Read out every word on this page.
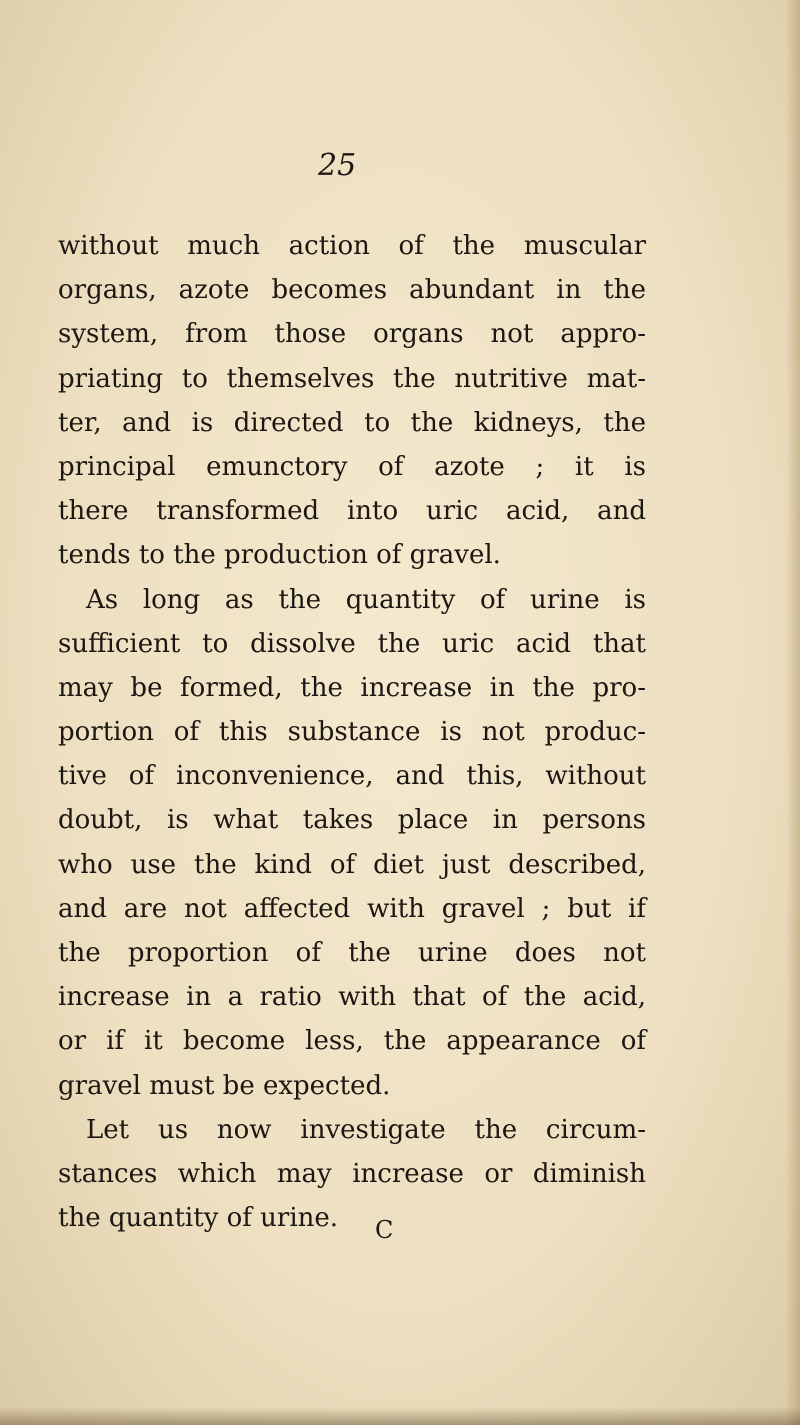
25
without much action of the muscular
organs, azote becomes abundant in the
system, from those organs not appro-
priating to themselves the nutritive mat-
ter, and is directed to the kidneys, the
principal emunctory of azote ; it is
there transformed into uric acid, and
tends to the production of gravel.
As long as the quantity of urine is
sufficient to dissolve the uric acid that
may be formed, the increase in the pro-
portion of this substance is not produc-
tive of inconvenience, and this, without
doubt, is what takes place in persons
who use the kind of diet just described,
and are not affected with gravel ; but if
the proportion of the urine does not
increase in a ratio with that of the acid,
or if it become less, the appearance of
gravel must be expected.
Let us now investigate the circum-
stances which may increase or diminish
the quantity of urine.	C
